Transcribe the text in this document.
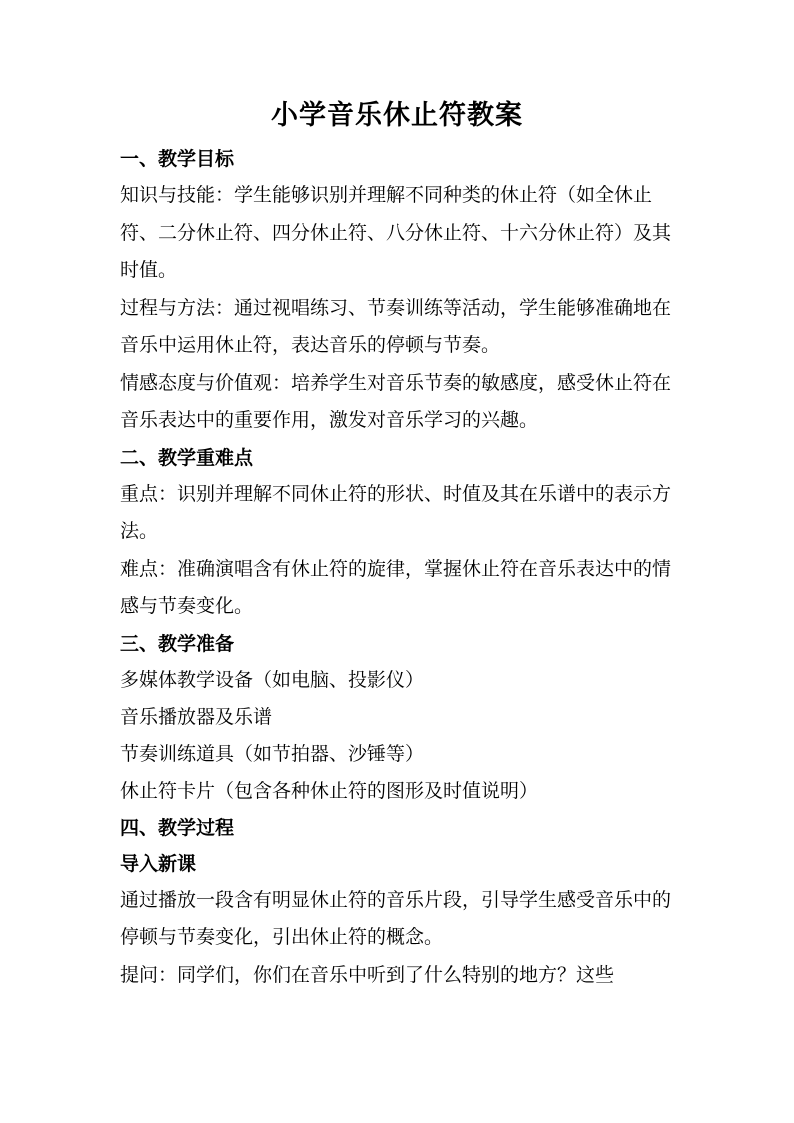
小学音乐休止符教案
一、教学目标

知识与技能：学生能够识别并理解不同种类的休止符（如全休止符、二分休止符、四分休止符、八分休止符、十六分休止符）及其时值。

过程与方法：通过视唱练习、节奏训练等活动，学生能够准确地在音乐中运用休止符，表达音乐的停顿与节奏。

情感态度与价值观：培养学生对音乐节奏的敏感度，感受休止符在音乐表达中的重要作用，激发对音乐学习的兴趣。

二、教学重难点

重点：识别并理解不同休止符的形状、时值及其在乐谱中的表示方法。

难点：准确演唱含有休止符的旋律，掌握休止符在音乐表达中的情感与节奏变化。

三、教学准备

多媒体教学设备（如电脑、投影仪）

音乐播放器及乐谱

节奏训练道具（如节拍器、沙锤等）

休止符卡片（包含各种休止符的图形及时值说明）

四、教学过程
导入新课

通过播放一段含有明显休止符的音乐片段，引导学生感受音乐中的停顿与节奏变化，引出休止符的概念。

提问：同学们，你们在音乐中听到了什么特别的地方？这些
